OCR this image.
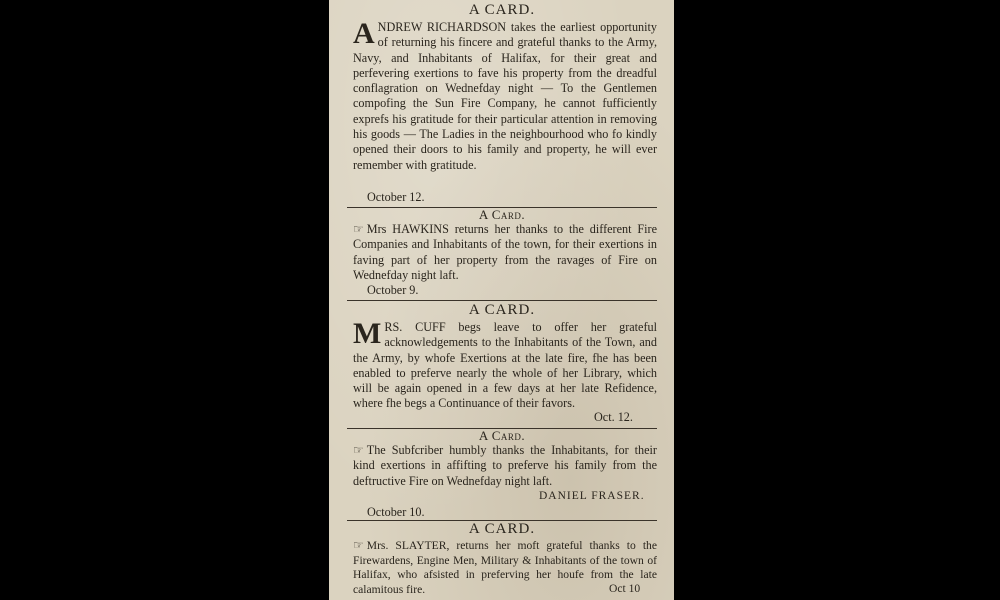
A CARD.
ANDREW RICHARDSON takes the earliest opportunity of returning his fincere and grateful thanks to the Army, Navy, and Inhabitants of Halifax, for their great and perfevering exertions to fave his property from the dreadful conflagration on Wednefday night — To the Gentlemen compofing the Sun Fire Company, he cannot fufficiently exprefs his gratitude for their particular attention in removing his goods — The Ladies in the neighbourhood who fo kindly opened their doors to his family and property, he will ever remember with gratitude.
October 12.
A Card.
☞ Mrs HAWKINS returns her thanks to the different Fire Companies and Inhabitants of the town, for their exertions in faving part of her property from the ravages of Fire on Wednefday night laft.
October 9.
A CARD.
MRS. CUFF begs leave to offer her grateful acknowledgements to the Inhabitants of the Town, and the Army, by whofe Exertions at the late fire, fhe has been enabled to preferve nearly the whole of her Library, which will be again opened in a few days at her late Refidence, where fhe begs a Continuance of their favors.
Oct. 12.
A Card.
☞ The Subfcriber humbly thanks the Inhabitants, for their kind exertions in affifting to preferve his family from the deftructive Fire on Wednefday night laft.
DANIEL FRASER.
October 10.
A CARD.
☞ Mrs. SLAYTER, returns her moft grateful thanks to the Firewardens, Engine Men, Military & Inhabitants of the town of Halifax, who afsisted in preferving her houfe from the late calamitous fire.	Oct 10
